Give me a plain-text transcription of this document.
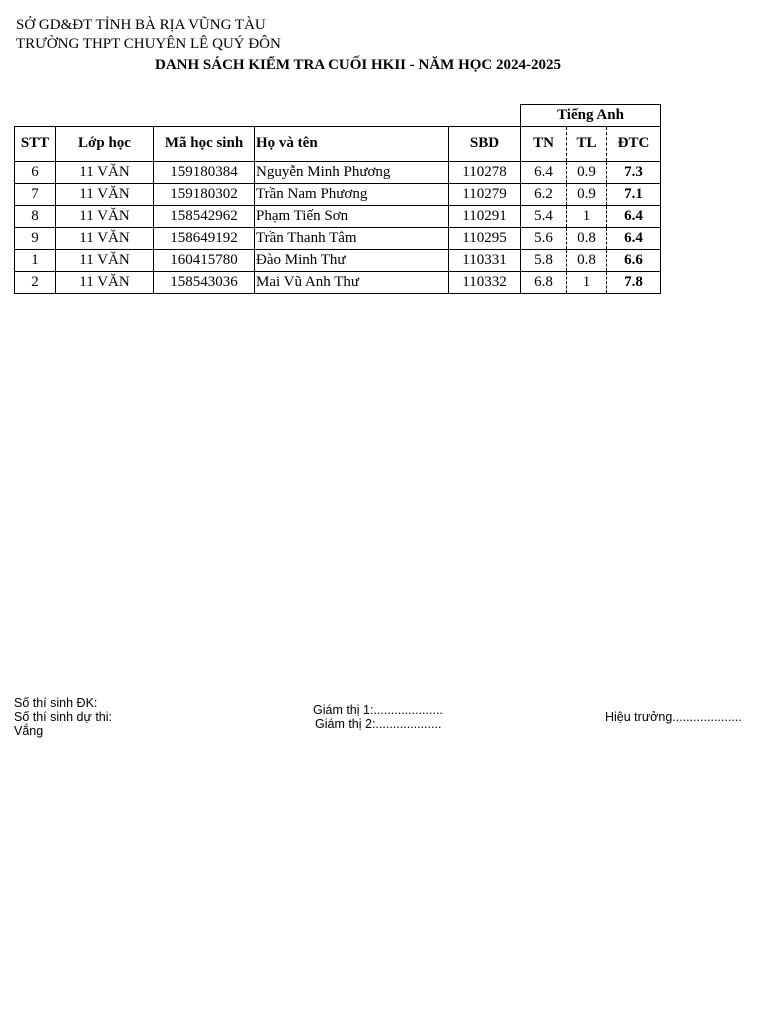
SỞ GD&ĐT TỈNH BÀ RỊA VŨNG TÀU
TRƯỜNG THPT CHUYÊN LÊ QUÝ ĐÔN
DANH SÁCH KIỂM TRA CUỐI HKII - NĂM HỌC 2024-2025
					Tiếng Anh		
STT	Lớp học	Mã học sinh	Họ và tên	SBD	TN	TL	ĐTC
6	11 VĂN	159180384	Nguyễn Minh Phương	110278	6.4	0.9	7.3
7	11 VĂN	159180302	Trần Nam Phương	110279	6.2	0.9	7.1
8	11 VĂN	158542962	Phạm Tiến Sơn	110291	5.4	1	6.4
9	11 VĂN	158649192	Trần Thanh Tâm	110295	5.6	0.8	6.4
1	11 VĂN	160415780	Đào Minh Thư	110331	5.8	0.8	6.6
2	11 VĂN	158543036	Mai Vũ Anh Thư	110332	6.8	1	7.8
Số thí sinh ĐK:
Số thí sinh dự thi:
Vắng
Giám thị 1:....................
Giám thị 2:...................	Hiệu trưởng....................
